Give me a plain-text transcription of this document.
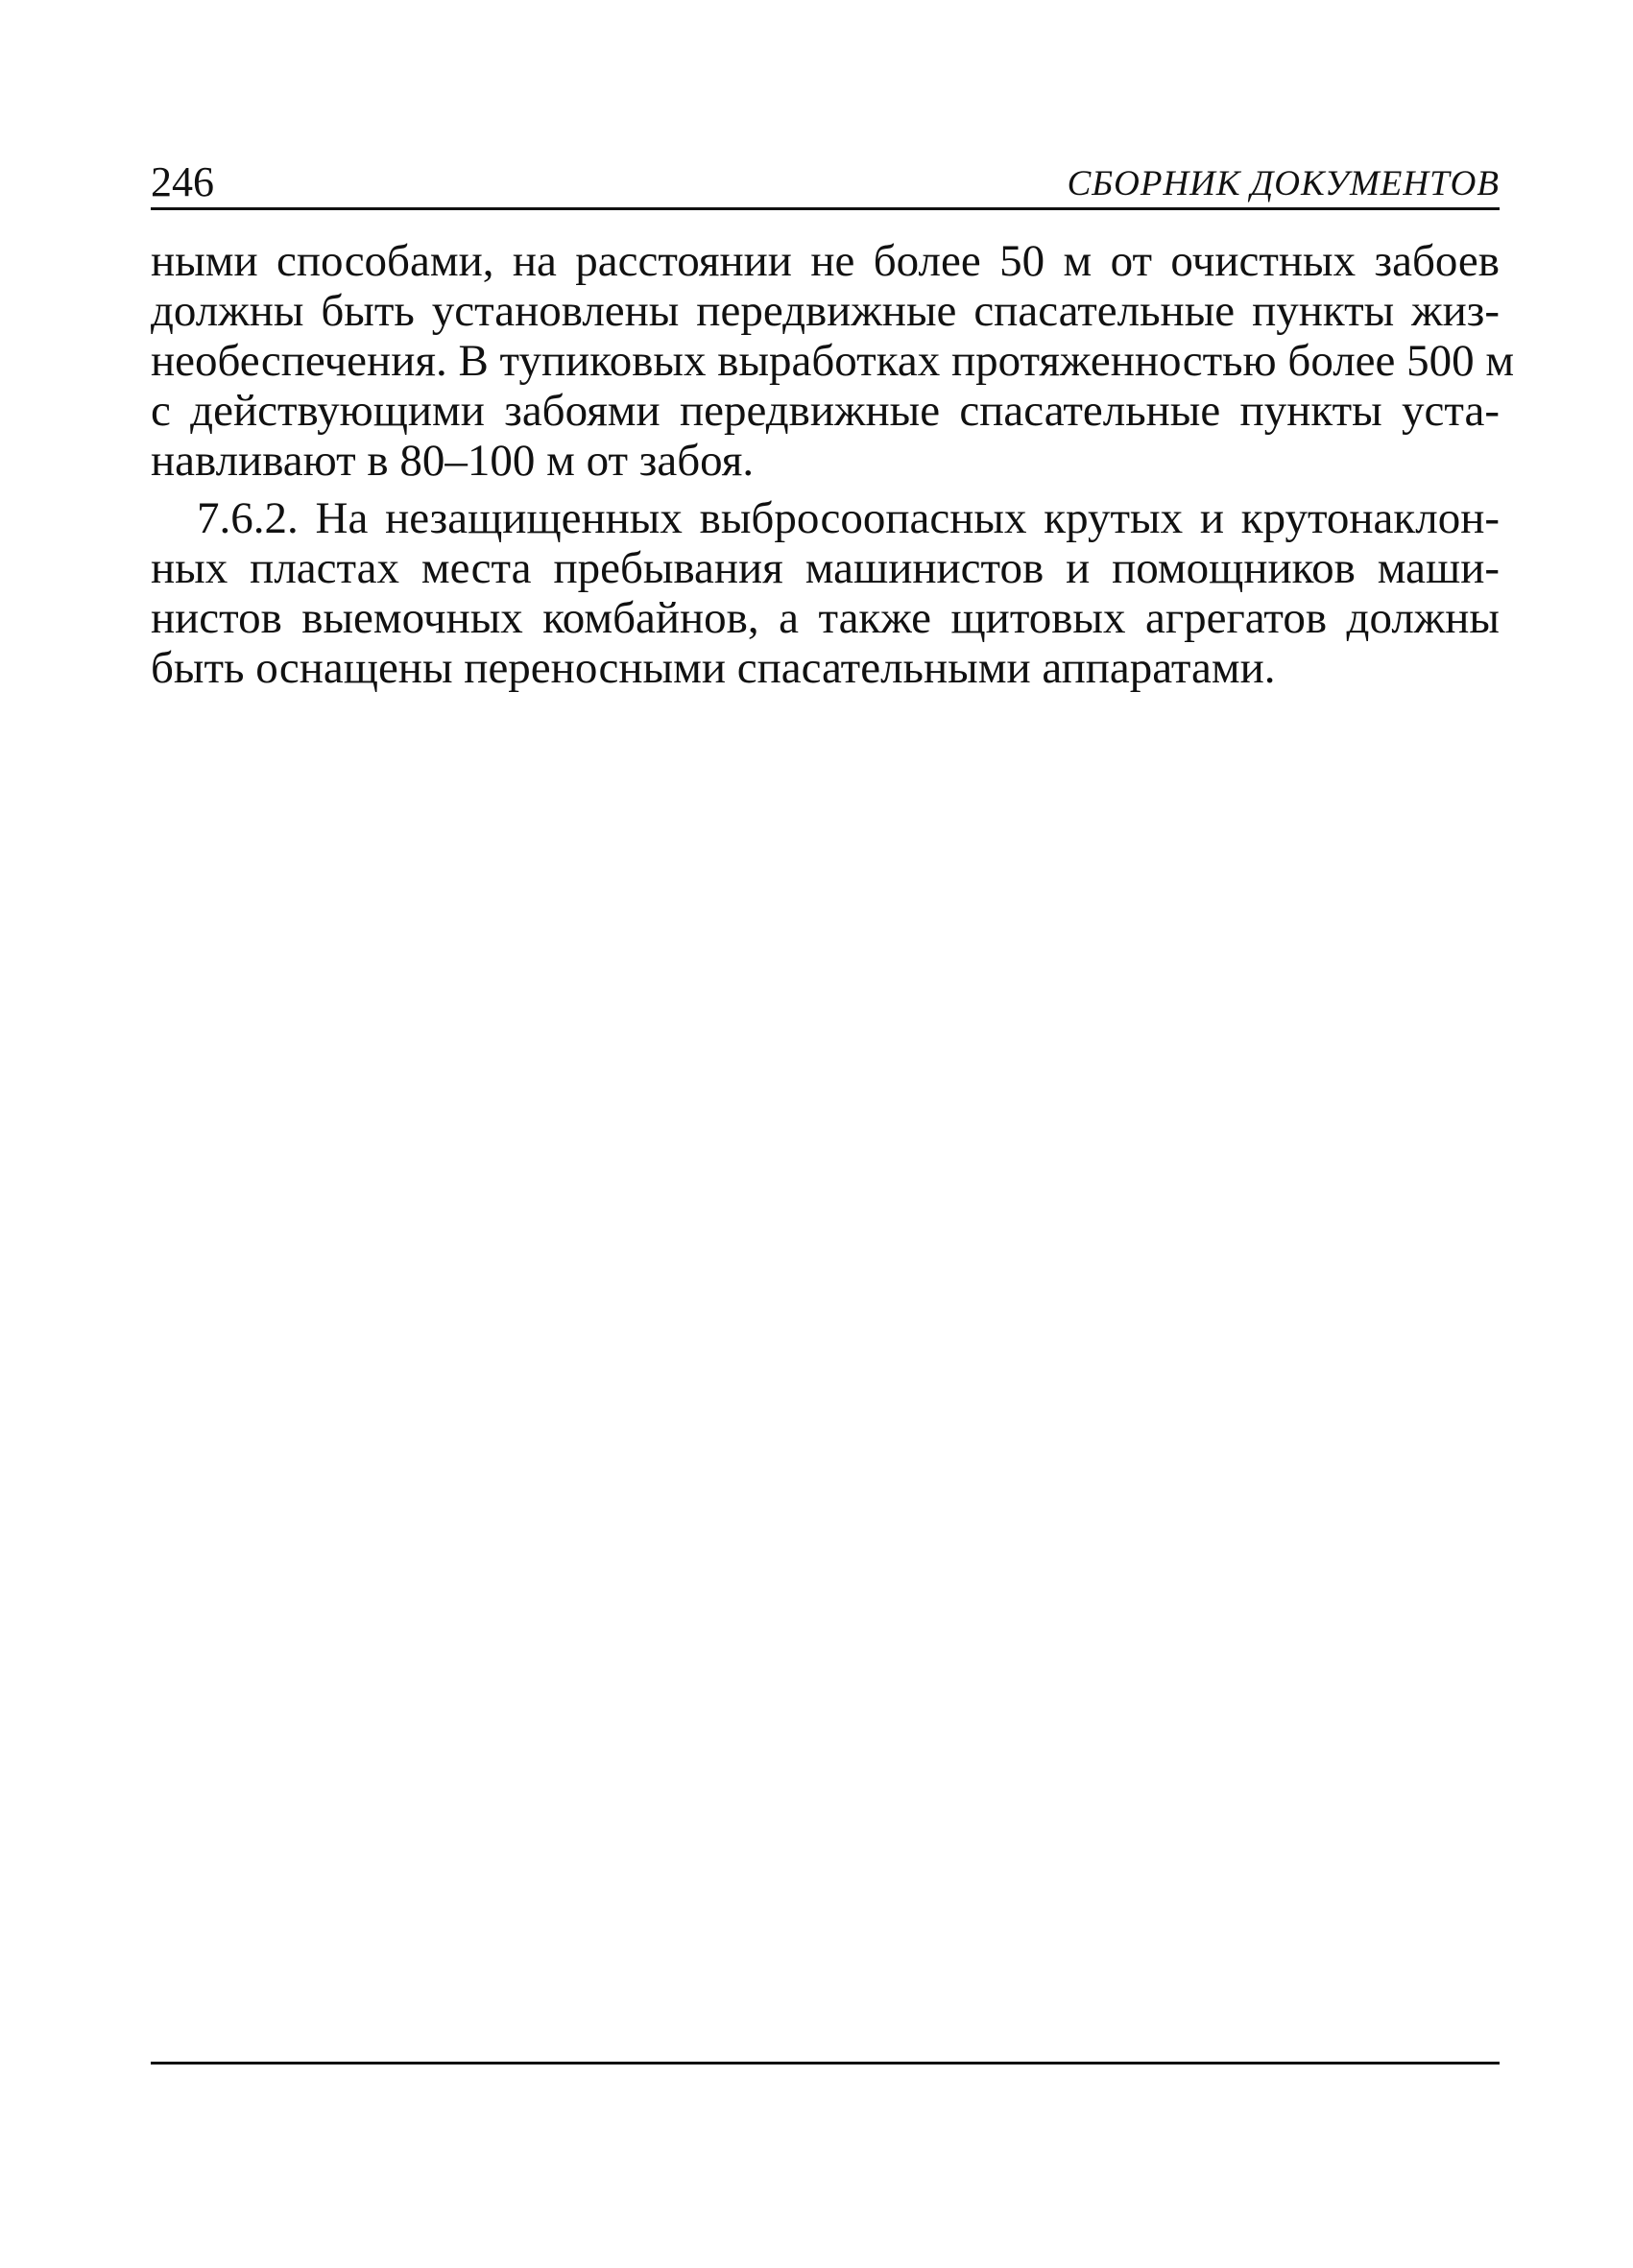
246	СБОРНИК ДОКУМЕНТОВ

ными способами, на расстоянии не более 50 м от очистных забоев
должны быть установлены передвижные спасательные пункты жиз-
необеспечения. В тупиковых выработках протяженностью более 500 м
с действующими забоями передвижные спасательные пункты уста-
навливают в 80–100 м от забоя.

7.6.2. На незащищенных выбросоопасных крутых и крутонаклон-
ных пластах места пребывания машинистов и помощников маши-
нистов выемочных комбайнов, а также щитовых агрегатов должны
быть оснащены переносными спасательными аппаратами.
